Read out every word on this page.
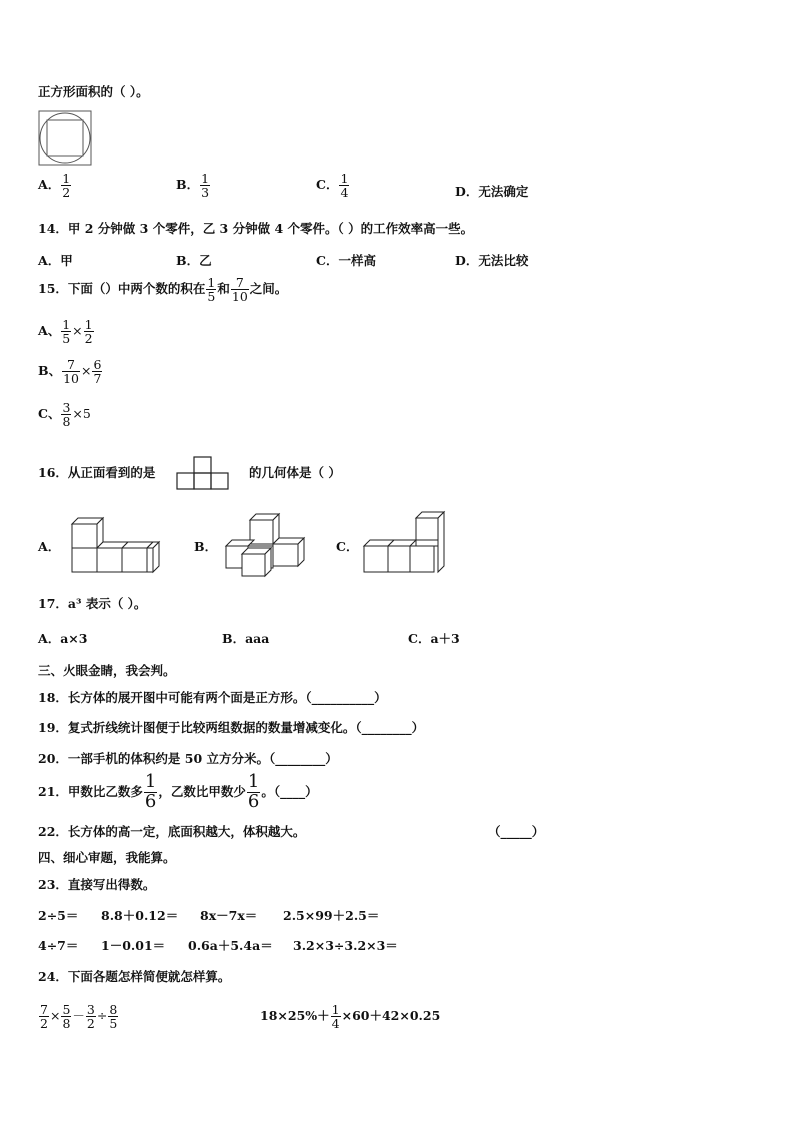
正方形面积的（ ）。
A． $\frac{1}{2}$	B． $\frac{1}{3}$	C． $\frac{1}{4}$	D．无法确定
14．甲 2 分钟做 3 个零件，乙 3 分钟做 4 个零件。（ ）的工作效率高一些。
A．甲	B．乙	C．一样高	D．无法比较
15．下面（）中两个数的积在 $\frac{1}{5}$ 和 $\frac{7}{10}$ 之间。
A、 $\frac{1}{5} \times \frac{1}{2}$
B、 $\frac{7}{10} \times \frac{6}{7}$
C、 $\frac{3}{8} \times 5$
16．从正面看到的是	的几何体是（ ）
A．	B．	C．
17．a³ 表示（ ）。
A．a×3	B．aaa	C．a＋3
三、火眼金睛，我会判。
18．长方体的展开图中可能有两个面是正方形。（__________）
19．复式折线统计图便于比较两组数据的数量增减变化。（________）
20．一部手机的体积约是 50 立方分米。（________）
21．甲数比乙数多 $\frac{1}{6}$ ，乙数比甲数少 $\frac{1}{6}$ 。（____）
22．长方体的高一定，底面积越大，体积越大。	（_____）
四、细心审题，我能算。
23．直接写出得数。
2÷5＝ 8.8＋0.12＝ 8x－7x＝ 2.5×99＋2.5＝
4÷7＝ 1－0.01＝ 0.6a＋5.4a＝ 3.2×3÷3.2×3＝
24．下面各题怎样简便就怎样算。
$\frac{7}{2} \times \frac{5}{8} - \frac{3}{2} \div \frac{8}{5}$	$18\times 25\%+ \frac{1}{4} \times 60+42\times 0.25$
